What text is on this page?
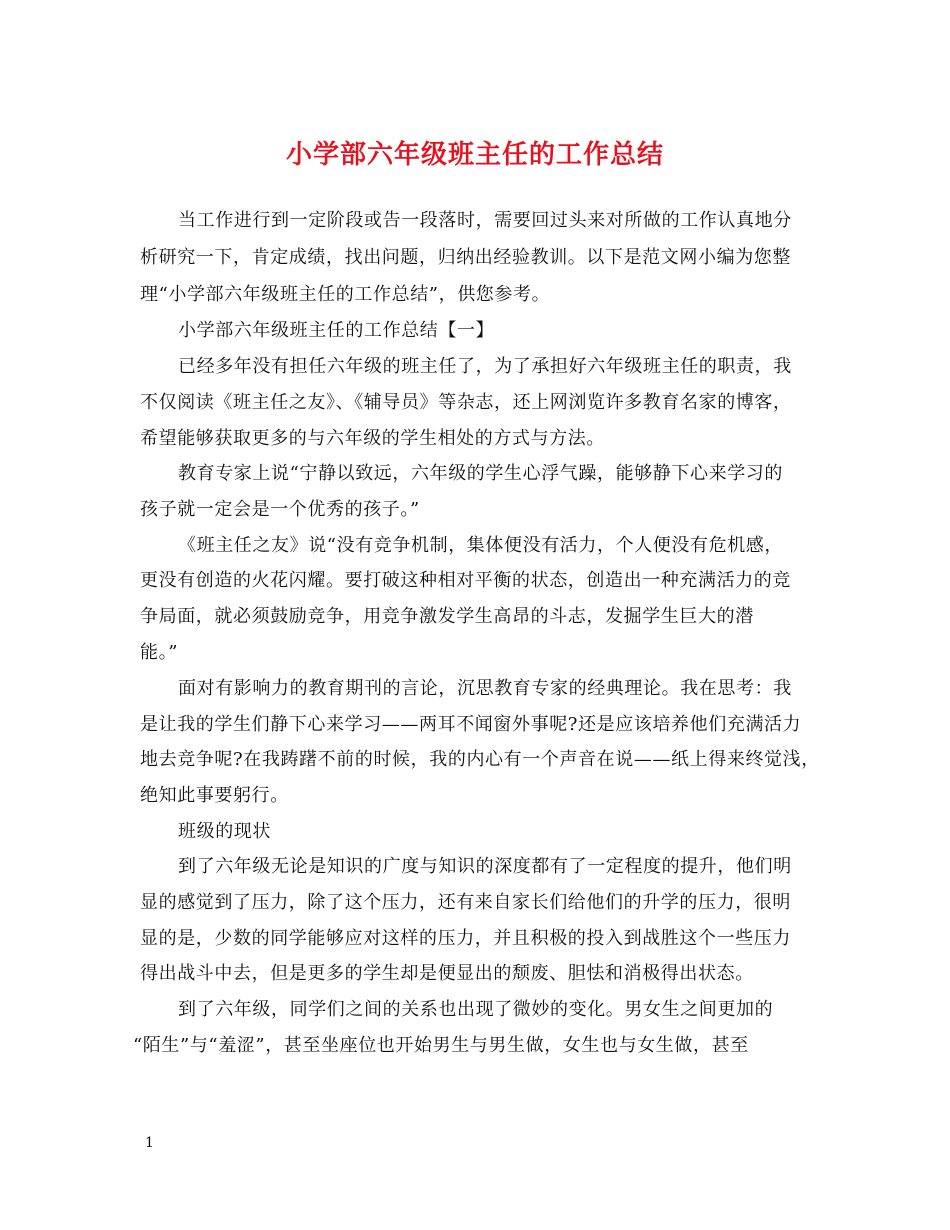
小学部六年级班主任的工作总结
当工作进行到一定阶段或告一段落时，需要回过头来对所做的工作认真地分
析研究一下，肯定成绩，找出问题，归纳出经验教训。以下是范文网小编为您整
理“小学部六年级班主任的工作总结”，供您参考。
小学部六年级班主任的工作总结【一】
已经多年没有担任六年级的班主任了，为了承担好六年级班主任的职责，我
不仅阅读《班主任之友》、《辅导员》等杂志，还上网浏览许多教育名家的博客，
希望能够获取更多的与六年级的学生相处的方式与方法。
教育专家上说“宁静以致远，六年级的学生心浮气躁，能够静下心来学习的
孩子就一定会是一个优秀的孩子。”
《班主任之友》说“没有竞争机制，集体便没有活力，个人便没有危机感，
更没有创造的火花闪耀。要打破这种相对平衡的状态，创造出一种充满活力的竞
争局面，就必须鼓励竞争，用竞争激发学生高昂的斗志，发掘学生巨大的潜
能。”
面对有影响力的教育期刊的言论，沉思教育专家的经典理论。我在思考：我
是让我的学生们静下心来学习——两耳不闻窗外事呢?还是应该培养他们充满活力
地去竞争呢?在我踌躇不前的时候，我的内心有一个声音在说——纸上得来终觉浅，
绝知此事要躬行。
班级的现状
到了六年级无论是知识的广度与知识的深度都有了一定程度的提升，他们明
显的感觉到了压力，除了这个压力，还有来自家长们给他们的升学的压力，很明
显的是，少数的同学能够应对这样的压力，并且积极的投入到战胜这个一些压力
得出战斗中去，但是更多的学生却是便显出的颓废、胆怯和消极得出状态。
到了六年级，同学们之间的关系也出现了微妙的变化。男女生之间更加的
“陌生”与“羞涩”，甚至坐座位也开始男生与男生做，女生也与女生做，甚至
1
